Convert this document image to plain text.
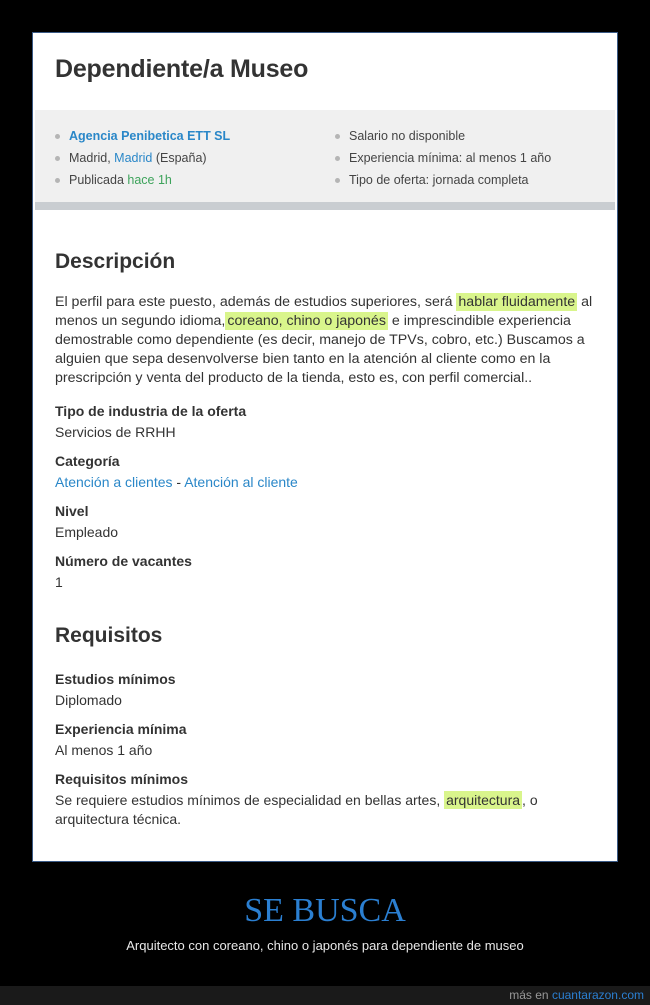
Dependiente/a Museo
Agencia Penibetica ETT SL
Madrid, Madrid (España)
Publicada hace 1h
Salario no disponible
Experiencia mínima: al menos 1 año
Tipo de oferta: jornada completa
Descripción

El perfil para este puesto, además de estudios superiores, será hablar fluidamente al menos un segundo idioma, coreano, chino o japonés e imprescindible experiencia demostrable como dependiente (es decir, manejo de TPVs, cobro, etc.) Buscamos a alguien que sepa desenvolverse bien tanto en la atención al cliente como en la prescripción y venta del producto de la tienda, esto es, con perfil comercial..

Tipo de industria de la oferta
Servicios de RRHH
Categoría
Atención a clientes - Atención al cliente
Nivel
Empleado
Número de vacantes
1
Requisitos
Estudios mínimos
Diplomado
Experiencia mínima
Al menos 1 año
Requisitos mínimos
Se requiere estudios mínimos de especialidad en bellas artes, arquitectura , o arquitectura técnica.
SE BUSCA
Arquitecto con coreano, chino o japonés para dependiente de museo
más en cuantarazon.com
